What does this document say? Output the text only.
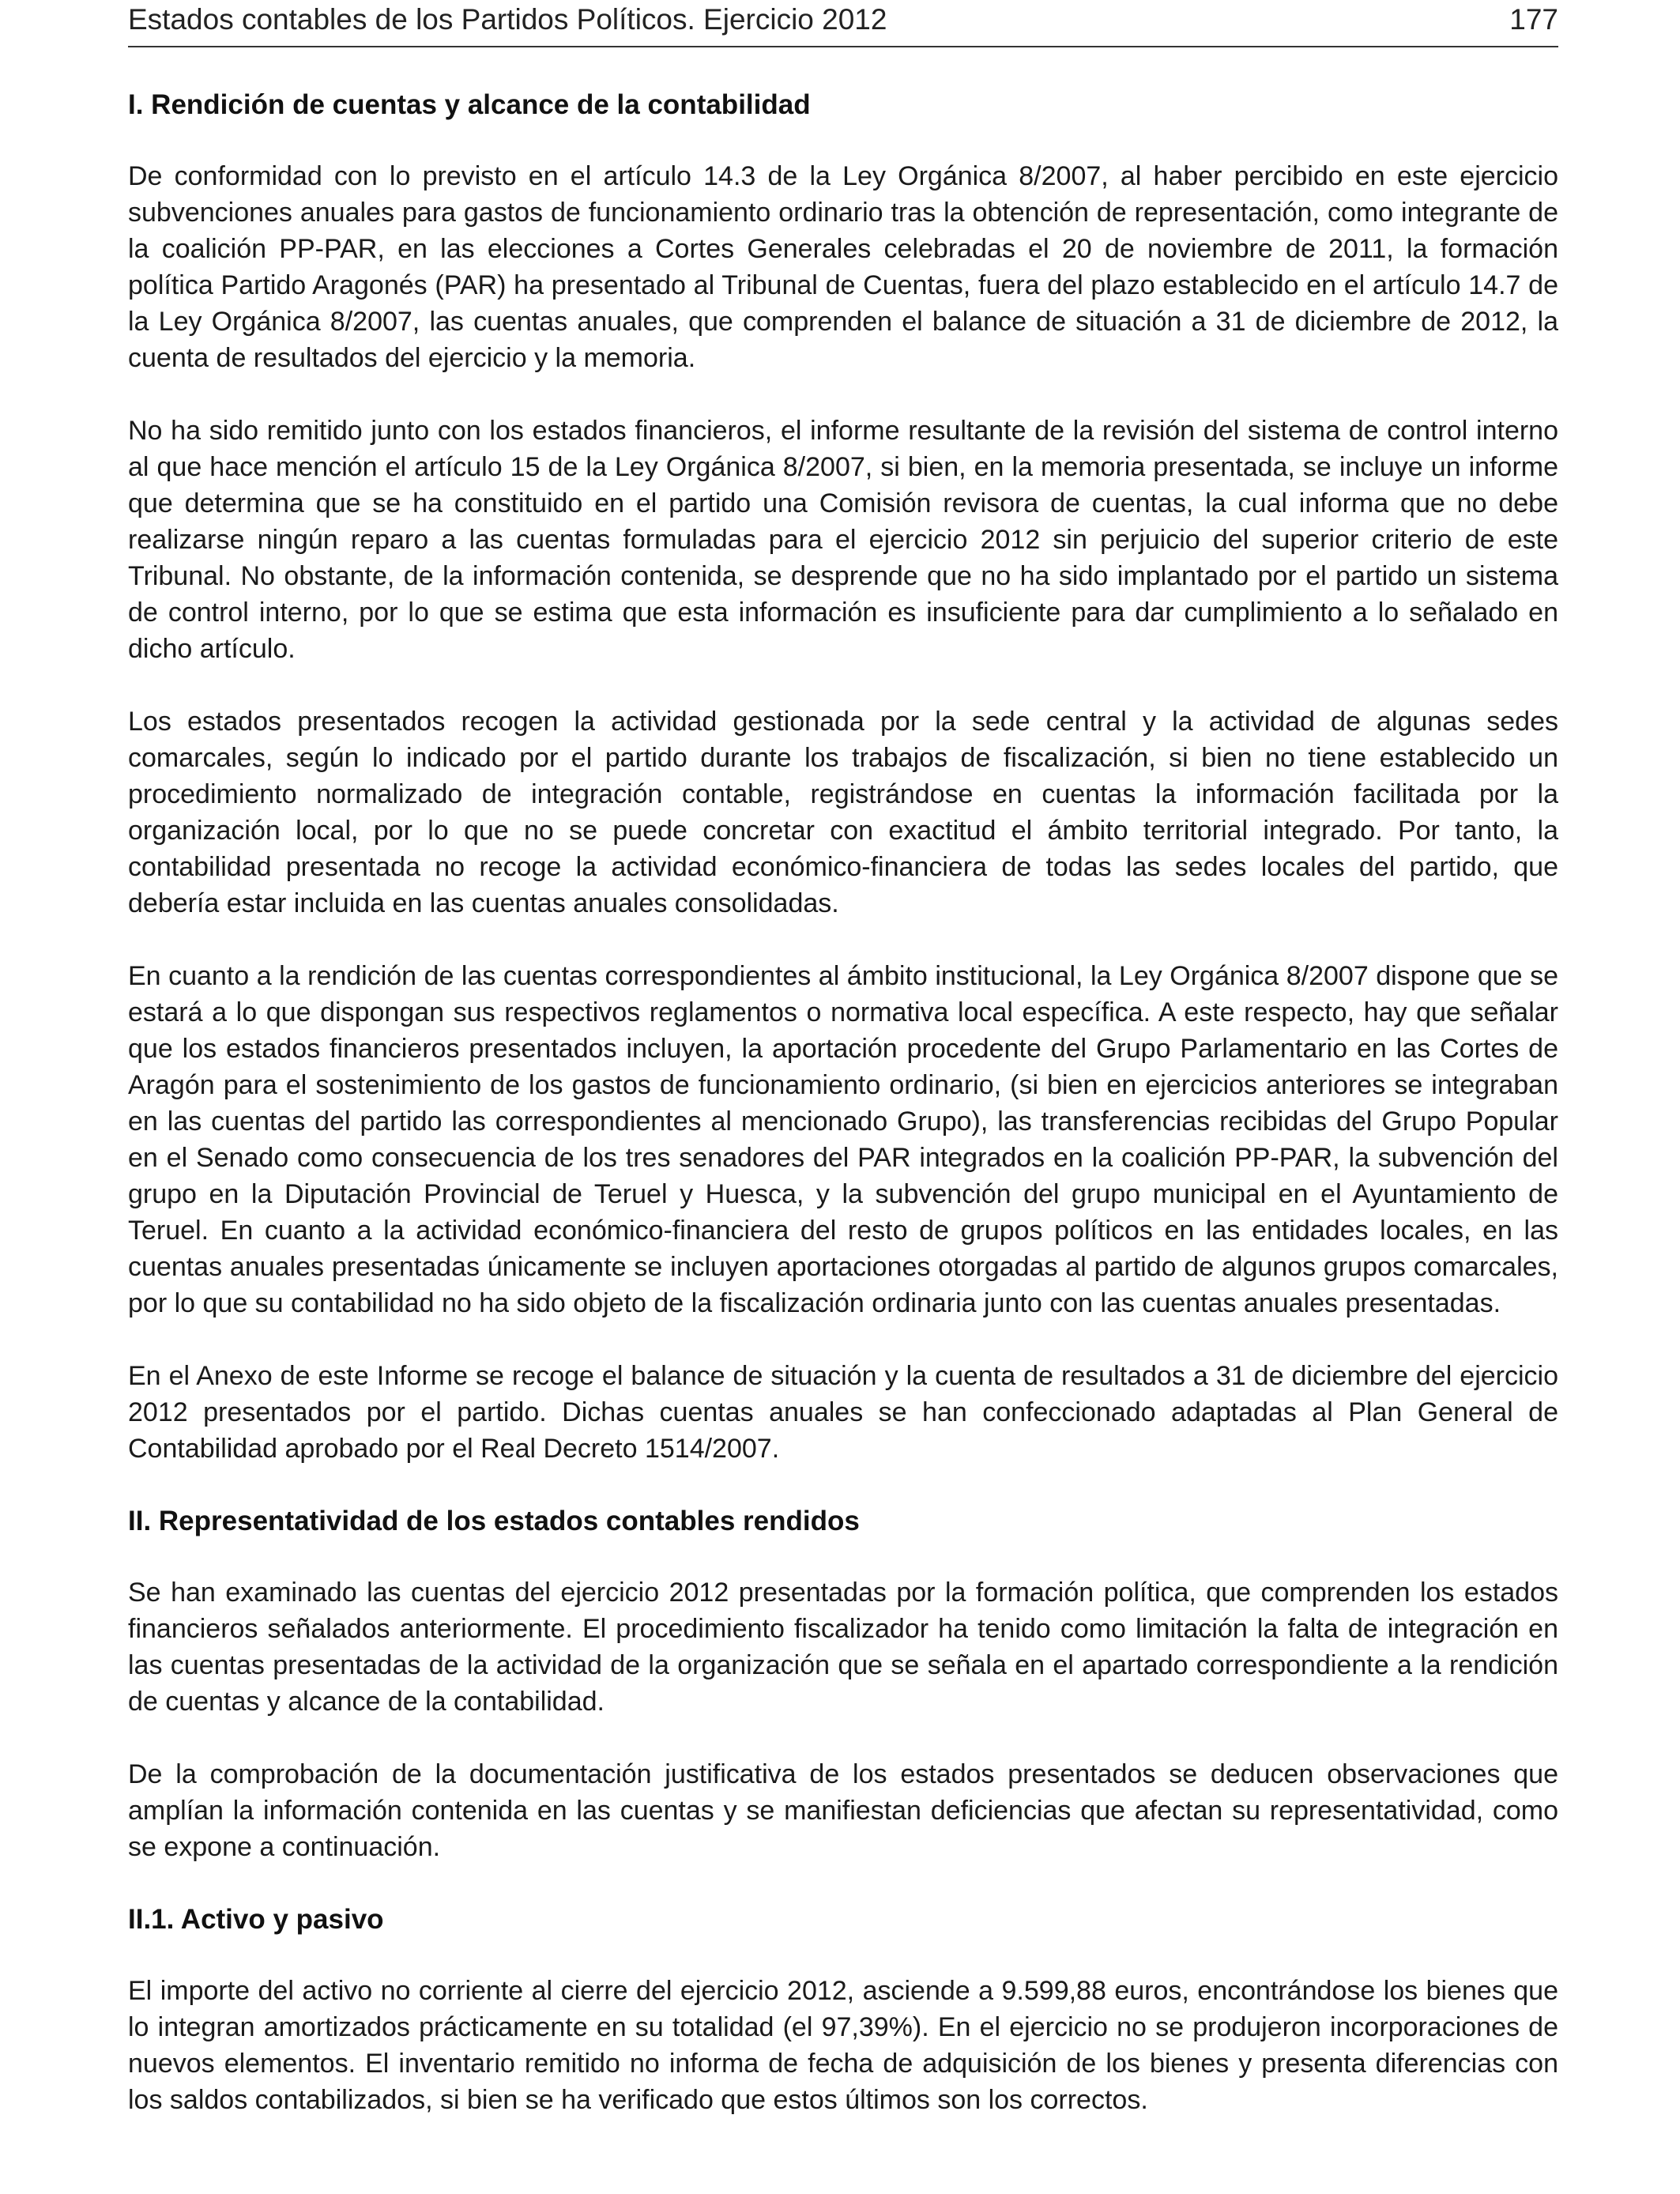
Estados contables de los Partidos Políticos. Ejercicio 2012	177
I. Rendición de cuentas y alcance de la contabilidad

De conformidad con lo previsto en el artículo 14.3 de la Ley Orgánica 8/2007, al haber percibido en este ejercicio subvenciones anuales para gastos de funcionamiento ordinario tras la obtención de representación, como integrante de la coalición PP-PAR, en las elecciones a Cortes Generales celebradas el 20 de noviembre de 2011, la formación política Partido Aragonés (PAR) ha presentado al Tribunal de Cuentas, fuera del plazo establecido en el artículo 14.7 de la Ley Orgánica 8/2007, las cuentas anuales, que comprenden el balance de situación a 31 de diciembre de 2012, la cuenta de resultados del ejercicio y la memoria.

No ha sido remitido junto con los estados financieros, el informe resultante de la revisión del sistema de control interno al que hace mención el artículo 15 de la Ley Orgánica 8/2007, si bien, en la memoria presentada, se incluye un informe que determina que se ha constituido en el partido una Comisión revisora de cuentas, la cual informa que no debe realizarse ningún reparo a las cuentas formuladas para el ejercicio 2012 sin perjuicio del superior criterio de este Tribunal. No obstante, de la información contenida, se desprende que no ha sido implantado por el partido un sistema de control interno, por lo que se estima que esta información es insuficiente para dar cumplimiento a lo señalado en dicho artículo.

Los estados presentados recogen la actividad gestionada por la sede central y la actividad de algunas sedes comarcales, según lo indicado por el partido durante los trabajos de fiscalización, si bien no tiene establecido un procedimiento normalizado de integración contable, registrándose en cuentas la información facilitada por la organización local, por lo que no se puede concretar con exactitud el ámbito territorial integrado. Por tanto, la contabilidad presentada no recoge la actividad económico-financiera de todas las sedes locales del partido, que debería estar incluida en las cuentas anuales consolidadas.

En cuanto a la rendición de las cuentas correspondientes al ámbito institucional, la Ley Orgánica 8/2007 dispone que se estará a lo que dispongan sus respectivos reglamentos o normativa local específica. A este respecto, hay que señalar que los estados financieros presentados incluyen, la aportación procedente del Grupo Parlamentario en las Cortes de Aragón para el sostenimiento de los gastos de funcionamiento ordinario, (si bien en ejercicios anteriores se integraban en las cuentas del partido las correspondientes al mencionado Grupo), las transferencias recibidas del Grupo Popular en el Senado como consecuencia de los tres senadores del PAR integrados en la coalición PP-PAR, la subvención del grupo en la Diputación Provincial de Teruel y Huesca, y la subvención del grupo municipal en el Ayuntamiento de Teruel. En cuanto a la actividad económico-financiera del resto de grupos políticos en las entidades locales, en las cuentas anuales presentadas únicamente se incluyen aportaciones otorgadas al partido de algunos grupos comarcales, por lo que su contabilidad no ha sido objeto de la fiscalización ordinaria junto con las cuentas anuales presentadas.

En el Anexo de este Informe se recoge el balance de situación y la cuenta de resultados a 31 de diciembre del ejercicio 2012 presentados por el partido. Dichas cuentas anuales se han confeccionado adaptadas al Plan General de Contabilidad aprobado por el Real Decreto 1514/2007.

II. Representatividad de los estados contables rendidos

Se han examinado las cuentas del ejercicio 2012 presentadas por la formación política, que comprenden los estados financieros señalados anteriormente. El procedimiento fiscalizador ha tenido como limitación la falta de integración en las cuentas presentadas de la actividad de la organización que se señala en el apartado correspondiente a la rendición de cuentas y alcance de la contabilidad.

De la comprobación de la documentación justificativa de los estados presentados se deducen observaciones que amplían la información contenida en las cuentas y se manifiestan deficiencias que afectan su representatividad, como se expone a continuación.

II.1. Activo y pasivo

El importe del activo no corriente al cierre del ejercicio 2012, asciende a 9.599,88 euros, encontrándose los bienes que lo integran amortizados prácticamente en su totalidad (el 97,39%). En el ejercicio no se produjeron incorporaciones de nuevos elementos. El inventario remitido no informa de fecha de adquisición de los bienes y presenta diferencias con los saldos contabilizados, si bien se ha verificado que estos últimos son los correctos.
